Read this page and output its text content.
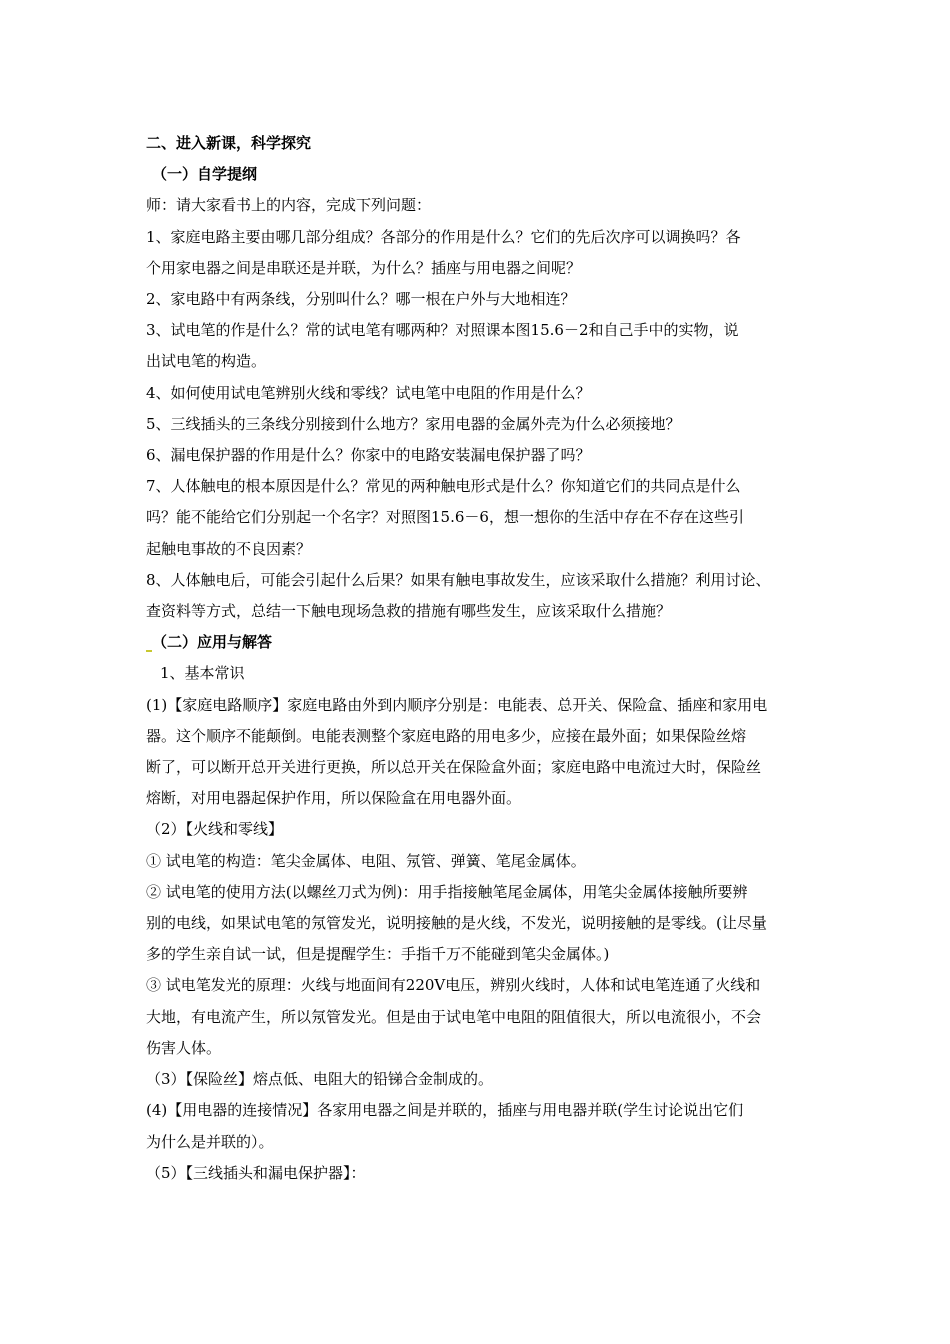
二、进入新课，科学探究
（一）自学提纲
师：请大家看书上的内容，完成下列问题：
1、家庭电路主要由哪几部分组成？各部分的作用是什么？它们的先后次序可以调换吗？各
个用家电器之间是串联还是并联，为什么？插座与用电器之间呢？
2、家电路中有两条线，分别叫什么？哪一根在户外与大地相连？
3、试电笔的作是什么？常的试电笔有哪两种？对照课本图15.6－2和自己手中的实物，说
出试电笔的构造。
4、如何使用试电笔辨别火线和零线？试电笔中电阻的作用是什么？
5、三线插头的三条线分别接到什么地方？家用电器的金属外壳为什么必须接地？
6、漏电保护器的作用是什么？你家中的电路安装漏电保护器了吗？
7、人体触电的根本原因是什么？常见的两种触电形式是什么？你知道它们的共同点是什么
吗？能不能给它们分别起一个名字？对照图15.6－6，想一想你的生活中存在不存在这些引
起触电事故的不良因素？
8、人体触电后，可能会引起什么后果？如果有触电事故发生，应该采取什么措施？利用讨论、
查资料等方式，总结一下触电现场急救的措施有哪些发生，应该采取什么措施？
（二）应用与解答
1、基本常识
(1)【家庭电路顺序】家庭电路由外到内顺序分别是：电能表、总开关、保险盒、插座和家用电
器。这个顺序不能颠倒。电能表测整个家庭电路的用电多少，应接在最外面；如果保险丝熔
断了，可以断开总开关进行更换，所以总开关在保险盒外面；家庭电路中电流过大时，保险丝
熔断，对用电器起保护作用，所以保险盒在用电器外面。
（2）【火线和零线】
① 试电笔的构造：笔尖金属体、电阻、氖管、弹簧、笔尾金属体。
② 试电笔的使用方法(以螺丝刀式为例)：用手指接触笔尾金属体，用笔尖金属体接触所要辨
别的电线，如果试电笔的氖管发光，说明接触的是火线，不发光，说明接触的是零线。(让尽量
多的学生亲自试一试，但是提醒学生：手指千万不能碰到笔尖金属体。)
③ 试电笔发光的原理：火线与地面间有220V电压，辨别火线时，人体和试电笔连通了火线和
大地，有电流产生，所以氖管发光。但是由于试电笔中电阻的阻值很大，所以电流很小，不会
伤害人体。
（3）【保险丝】熔点低、电阻大的铅锑合金制成的。
(4)【用电器的连接情况】各家用电器之间是并联的，插座与用电器并联(学生讨论说出它们
为什么是并联的）。
（5）【三线插头和漏电保护器】：
